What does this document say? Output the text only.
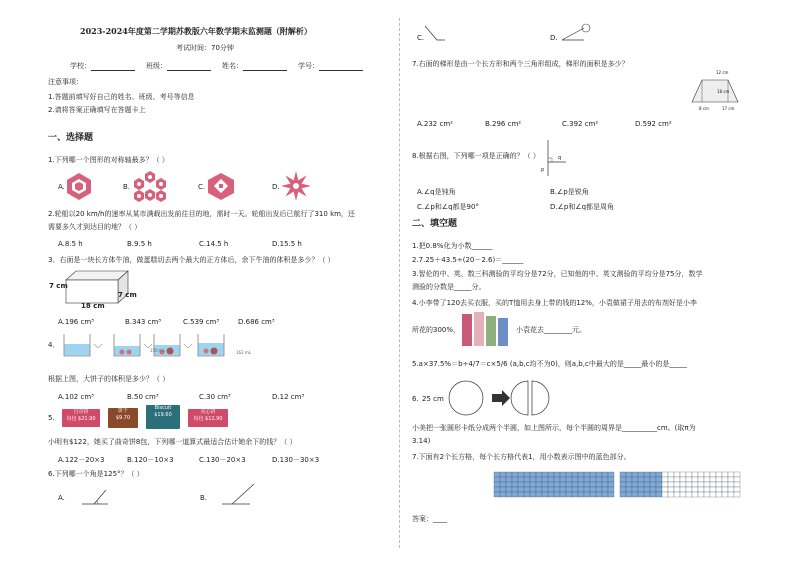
2023-2024年度第二学期苏教版六年数学期末监测题（附解析）
考试时间：70分钟
学校：	班级：	姓名：	学号：
注意事项：
1.答题前填写好自己的姓名、班级、考号等信息
2.请将答案正确填写在答题卡上
一、选择题
1.下列哪一个图形的对称轴最多？（ ）
A.	B.	C.	D.
2.轮船以20 km/h的速率从某市满载出发前往目的地，需时一天。轮船出发后已航行了310 km，还
需要多久才到达目的地？（ ）
A.8.5 h	B.9.5 h	C.14.5 h	D.15.5 h
3．右面是一块长方体牛油，做蛋糕切去两个最大的正方体后，余下牛油的体积是多少？（ ）
7 cm
7 cm
18 cm
A.196 cm³	B.343 cm³	C.539 cm³	D.686 cm³
4．
150 mL	162 mL
根据上图，大饼子的体积是多少？（ ）
A.102 cm³	B.50 cm³	C.30 cm³	D.12 cm³
5.
自奇饼
每包 $21.90
饼干
$9.70
Biscuit
$19.60	夹心饼
每包 $12.90
小明有$122，她买了曲奇饼8包，下列哪一道算式最适合估计她余下的钱？（ ）
A.122－20×3	B.120－10×3	C.130－20×3	D.130－30×3
6.下列哪一个角是125°？（ ）
A.	B.
C.	D.
7.右面的梯形是由一个长方形和两个三角形组成，梯形的面积是多少？
12 cm
18 cm
8 cm	17 cm
A.232 cm²	B.296 cm²	C.392 cm²	D.592 cm²
8.根据右图，下列哪一项是正确的？（ ）	q
p
A.∠q是钝角	B.∠p是锐角
C.∠p和∠q都是90°	D.∠p和∠q都是周角
二、填空题
1.把0.8%化为小数______
2.7.25＋43.5÷(20－2.6)＝______
3.智伦的中、英、数三科测验的平均分是72分，已知他的中、英文测验的平均分是75分，数学
测验的分数是_____分。
4.小李带了120去买衣服，买的T恤用去身上带的钱的12%，小袁做裙子用去的布剂好是小李
所花的300%，	小袁花去________元。
5.a×37.5%＝b÷4/7＝c×5/6 (a,b,c均不为0)，则a,b,c中最大的是_____最小的是_____
6. 25 cm
小美把一张圆形卡纸分成两个半圆，如上图所示，每个半圆的周界是__________cm。(取π为
3.14)
7.下面有2个长方格，每个长方格代表1，用小数表示图中的蓝色部分。
答案：____
